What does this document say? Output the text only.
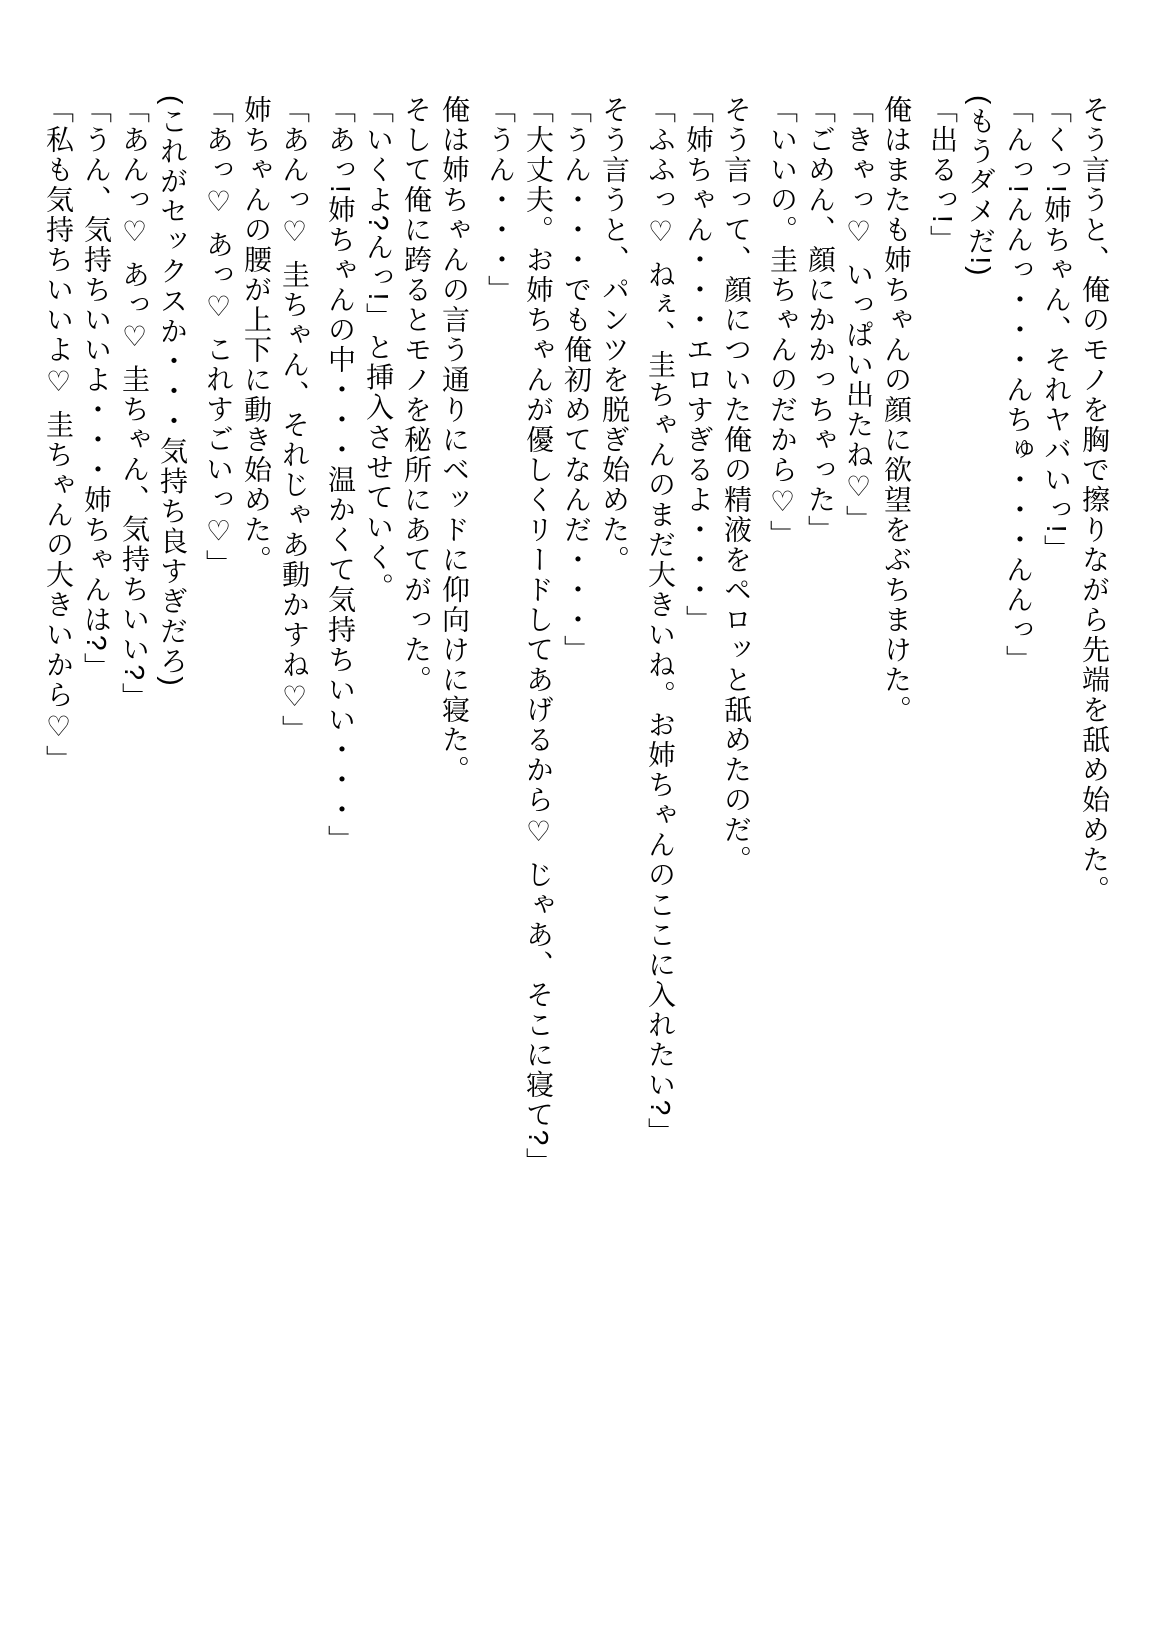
そう言うと、俺のモノを胸で擦りながら先端を舐め始めた。

「くっ!姉ちゃん、それヤバいっ!」

「んっ!んんっ・・・んちゅ・・・んんっ」

(もうダメだ!)

「出るっ!」

俺はまたも姉ちゃんの顔に欲望をぶちまけた。

「きゃっ♡ いっぱい出たね♡」

「ごめん、顔にかかっちゃった」

「いいの。圭ちゃんのだから♡」

そう言って、顔についた俺の精液をペロッと舐めたのだ。

「姉ちゃん・・・エロすぎるよ・・・」

「ふふっ♡ ねぇ、圭ちゃんのまだ大きいね。お姉ちゃんのここに入れたい?」

そう言うと、パンツを脱ぎ始めた。

「うん・・・でも俺初めてなんだ・・・」

「大丈夫。お姉ちゃんが優しくリードしてあげるから♡ じゃあ、そこに寝て?」

「うん・・・」

俺は姉ちゃんの言う通りにベッドに仰向けに寝た。

そして俺に跨るとモノを秘所にあてがった。

「いくよ?んっ!」と挿入させていく。

「あっ!姉ちゃんの中・・・温かくて気持ちいい・・・」

「あんっ♡ 圭ちゃん、それじゃあ動かすね♡」

姉ちゃんの腰が上下に動き始めた。

「あっ♡ あっ♡ これすごいっ♡」

(これがセックスか・・・気持ち良すぎだろ)

「あんっ♡ あっ♡ 圭ちゃん、気持ちいい?」

「うん、気持ちいいよ・・・姉ちゃんは?」

「私も気持ちいいよ♡ 圭ちゃんの大きいから♡」
